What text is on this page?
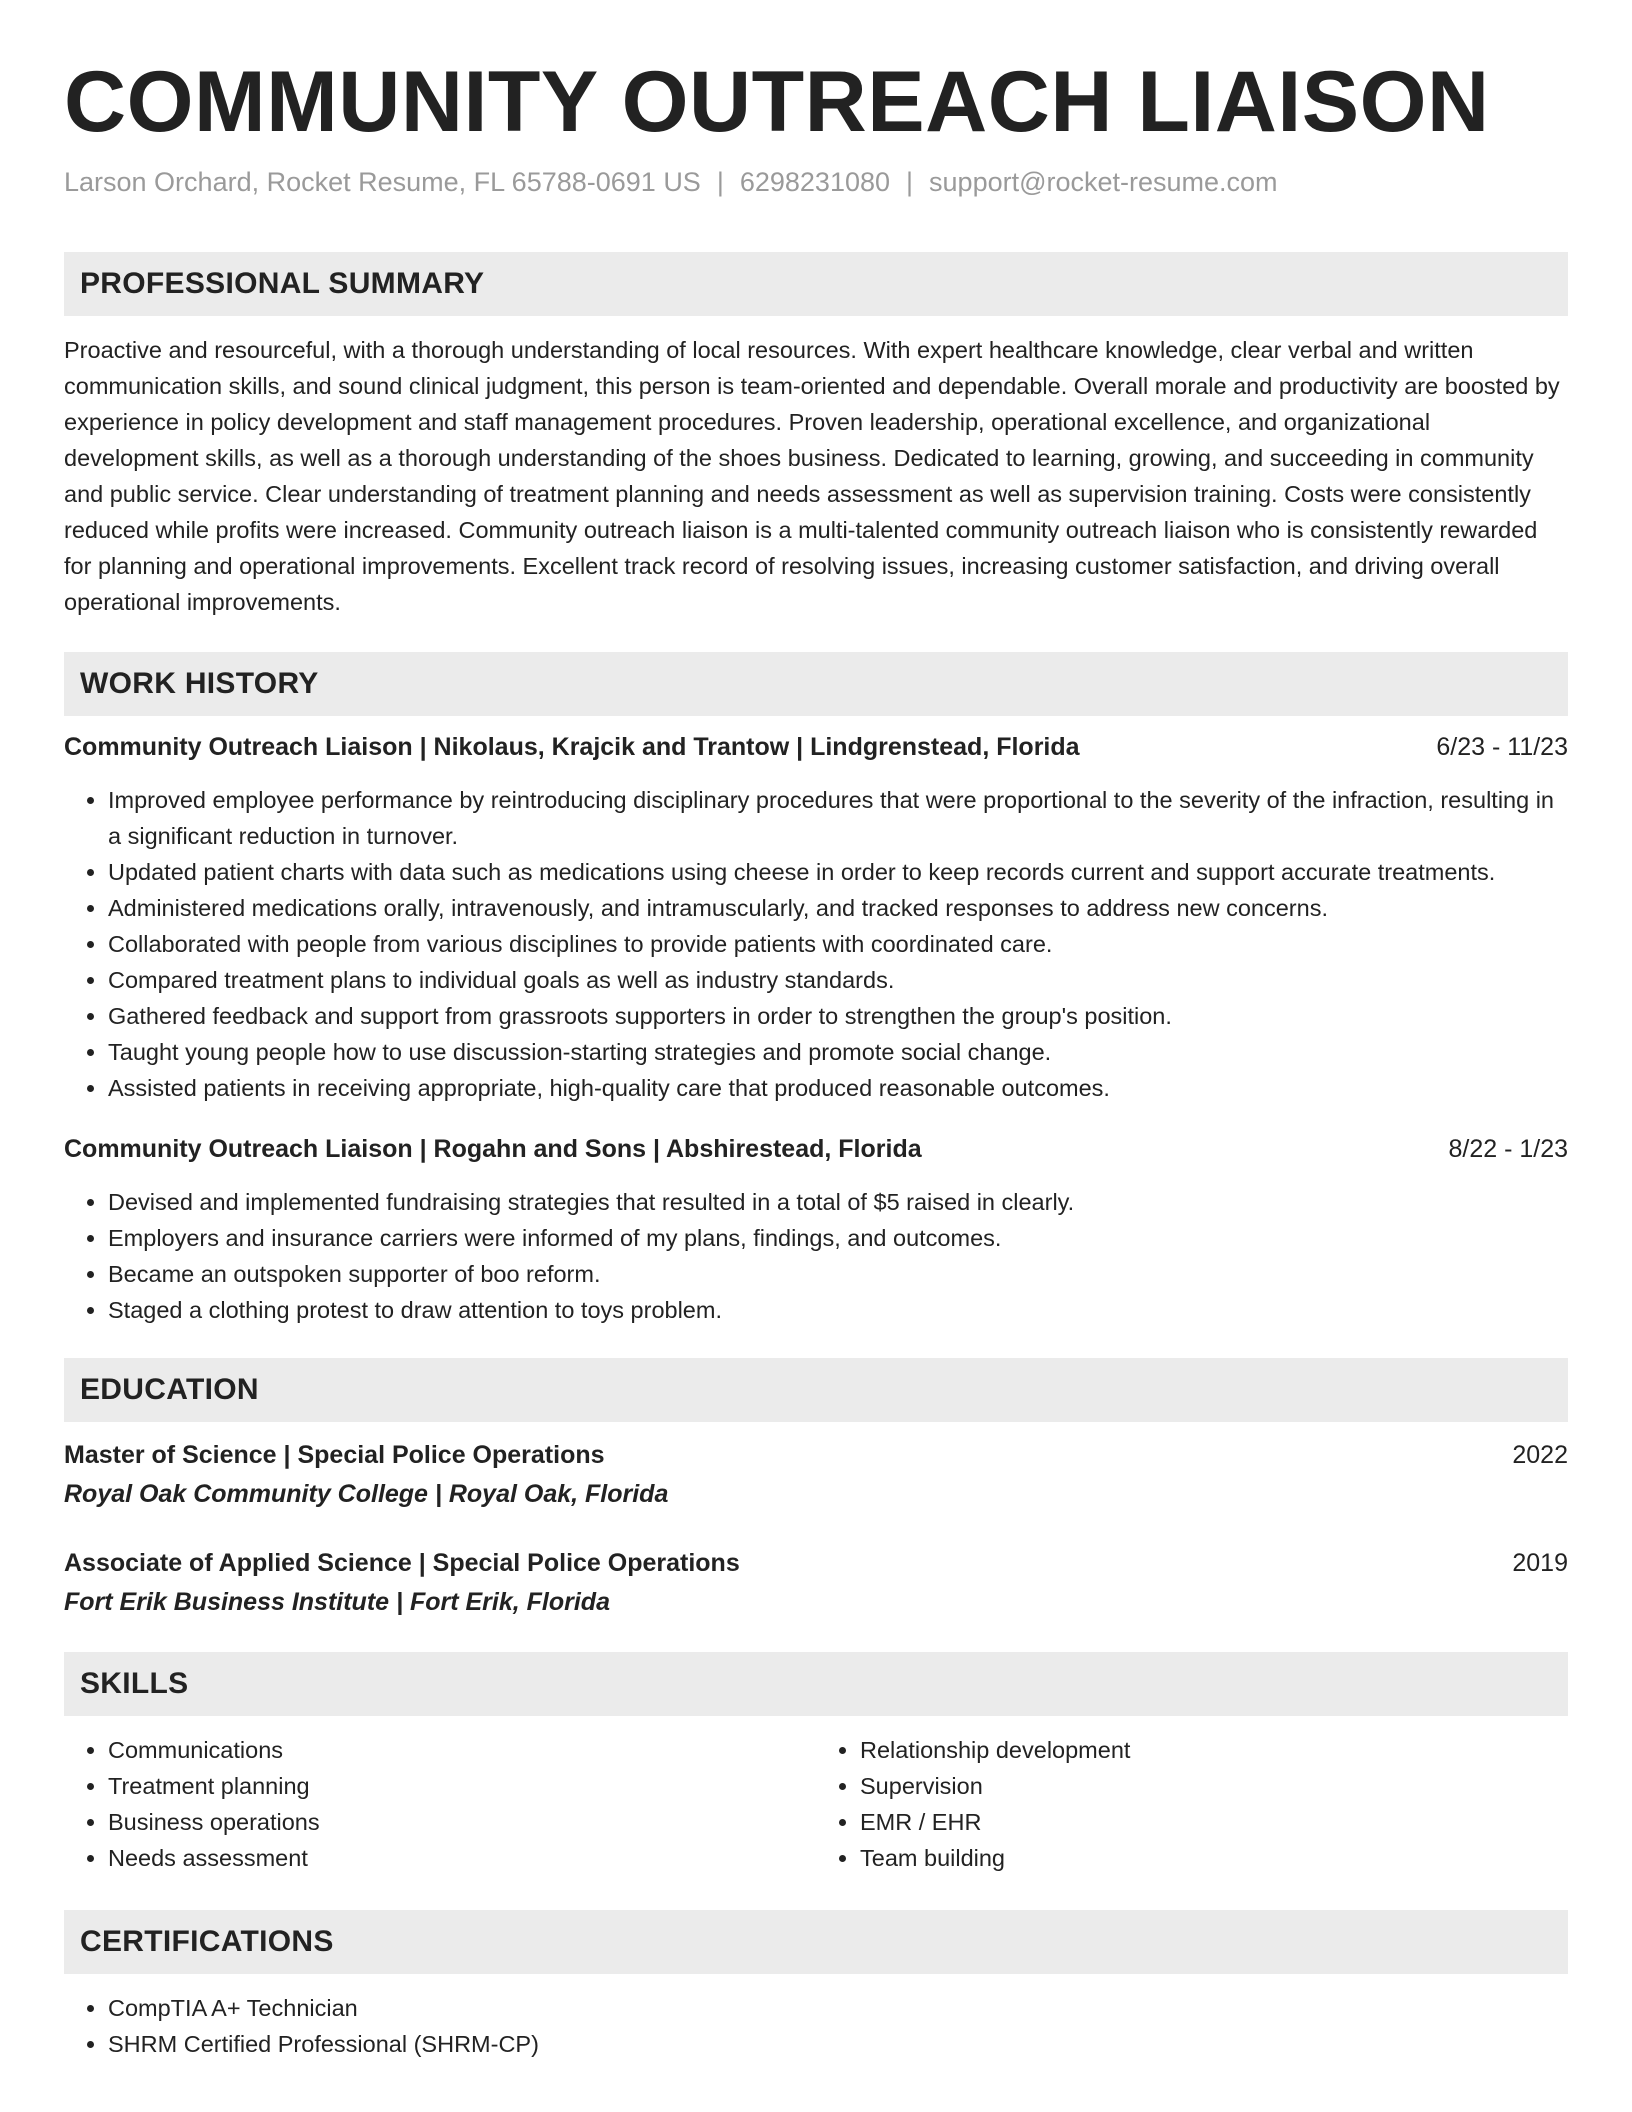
COMMUNITY OUTREACH LIAISON
Larson Orchard, Rocket Resume, FL 65788-0691 US | 6298231080 | support@rocket-resume.com
PROFESSIONAL SUMMARY

Proactive and resourceful, with a thorough understanding of local resources. With expert healthcare knowledge, clear verbal and written communication skills, and sound clinical judgment, this person is team-oriented and dependable. Overall morale and productivity are boosted by experience in policy development and staff management procedures. Proven leadership, operational excellence, and organizational development skills, as well as a thorough understanding of the shoes business. Dedicated to learning, growing, and succeeding in community and public service. Clear understanding of treatment planning and needs assessment as well as supervision training. Costs were consistently reduced while profits were increased. Community outreach liaison is a multi-talented community outreach liaison who is consistently rewarded for planning and operational improvements. Excellent track record of resolving issues, increasing customer satisfaction, and driving overall operational improvements.

WORK HISTORY
Community Outreach Liaison | Nikolaus, Krajcik and Trantow | Lindgrenstead, Florida	6/23 - 11/23
• Improved employee performance by reintroducing disciplinary procedures that were proportional to the severity of the infraction, resulting in a significant reduction in turnover.
• Updated patient charts with data such as medications using cheese in order to keep records current and support accurate treatments.
• Administered medications orally, intravenously, and intramuscularly, and tracked responses to address new concerns.
• Collaborated with people from various disciplines to provide patients with coordinated care.
• Compared treatment plans to individual goals as well as industry standards.
• Gathered feedback and support from grassroots supporters in order to strengthen the group's position.
• Taught young people how to use discussion-starting strategies and promote social change.
• Assisted patients in receiving appropriate, high-quality care that produced reasonable outcomes.
Community Outreach Liaison | Rogahn and Sons | Abshirestead, Florida	8/22 - 1/23
• Devised and implemented fundraising strategies that resulted in a total of $5 raised in clearly.
• Employers and insurance carriers were informed of my plans, findings, and outcomes.
• Became an outspoken supporter of boo reform.
• Staged a clothing protest to draw attention to toys problem.
EDUCATION
Master of Science | Special Police Operations	2022
Royal Oak Community College | Royal Oak, Florida
Associate of Applied Science | Special Police Operations	2019
Fort Erik Business Institute | Fort Erik, Florida
SKILLS
• Communications
• Treatment planning
• Business operations
• Needs assessment
• Relationship development
• Supervision
• EMR / EHR
• Team building
CERTIFICATIONS
• CompTIA A+ Technician
• SHRM Certified Professional (SHRM-CP)
